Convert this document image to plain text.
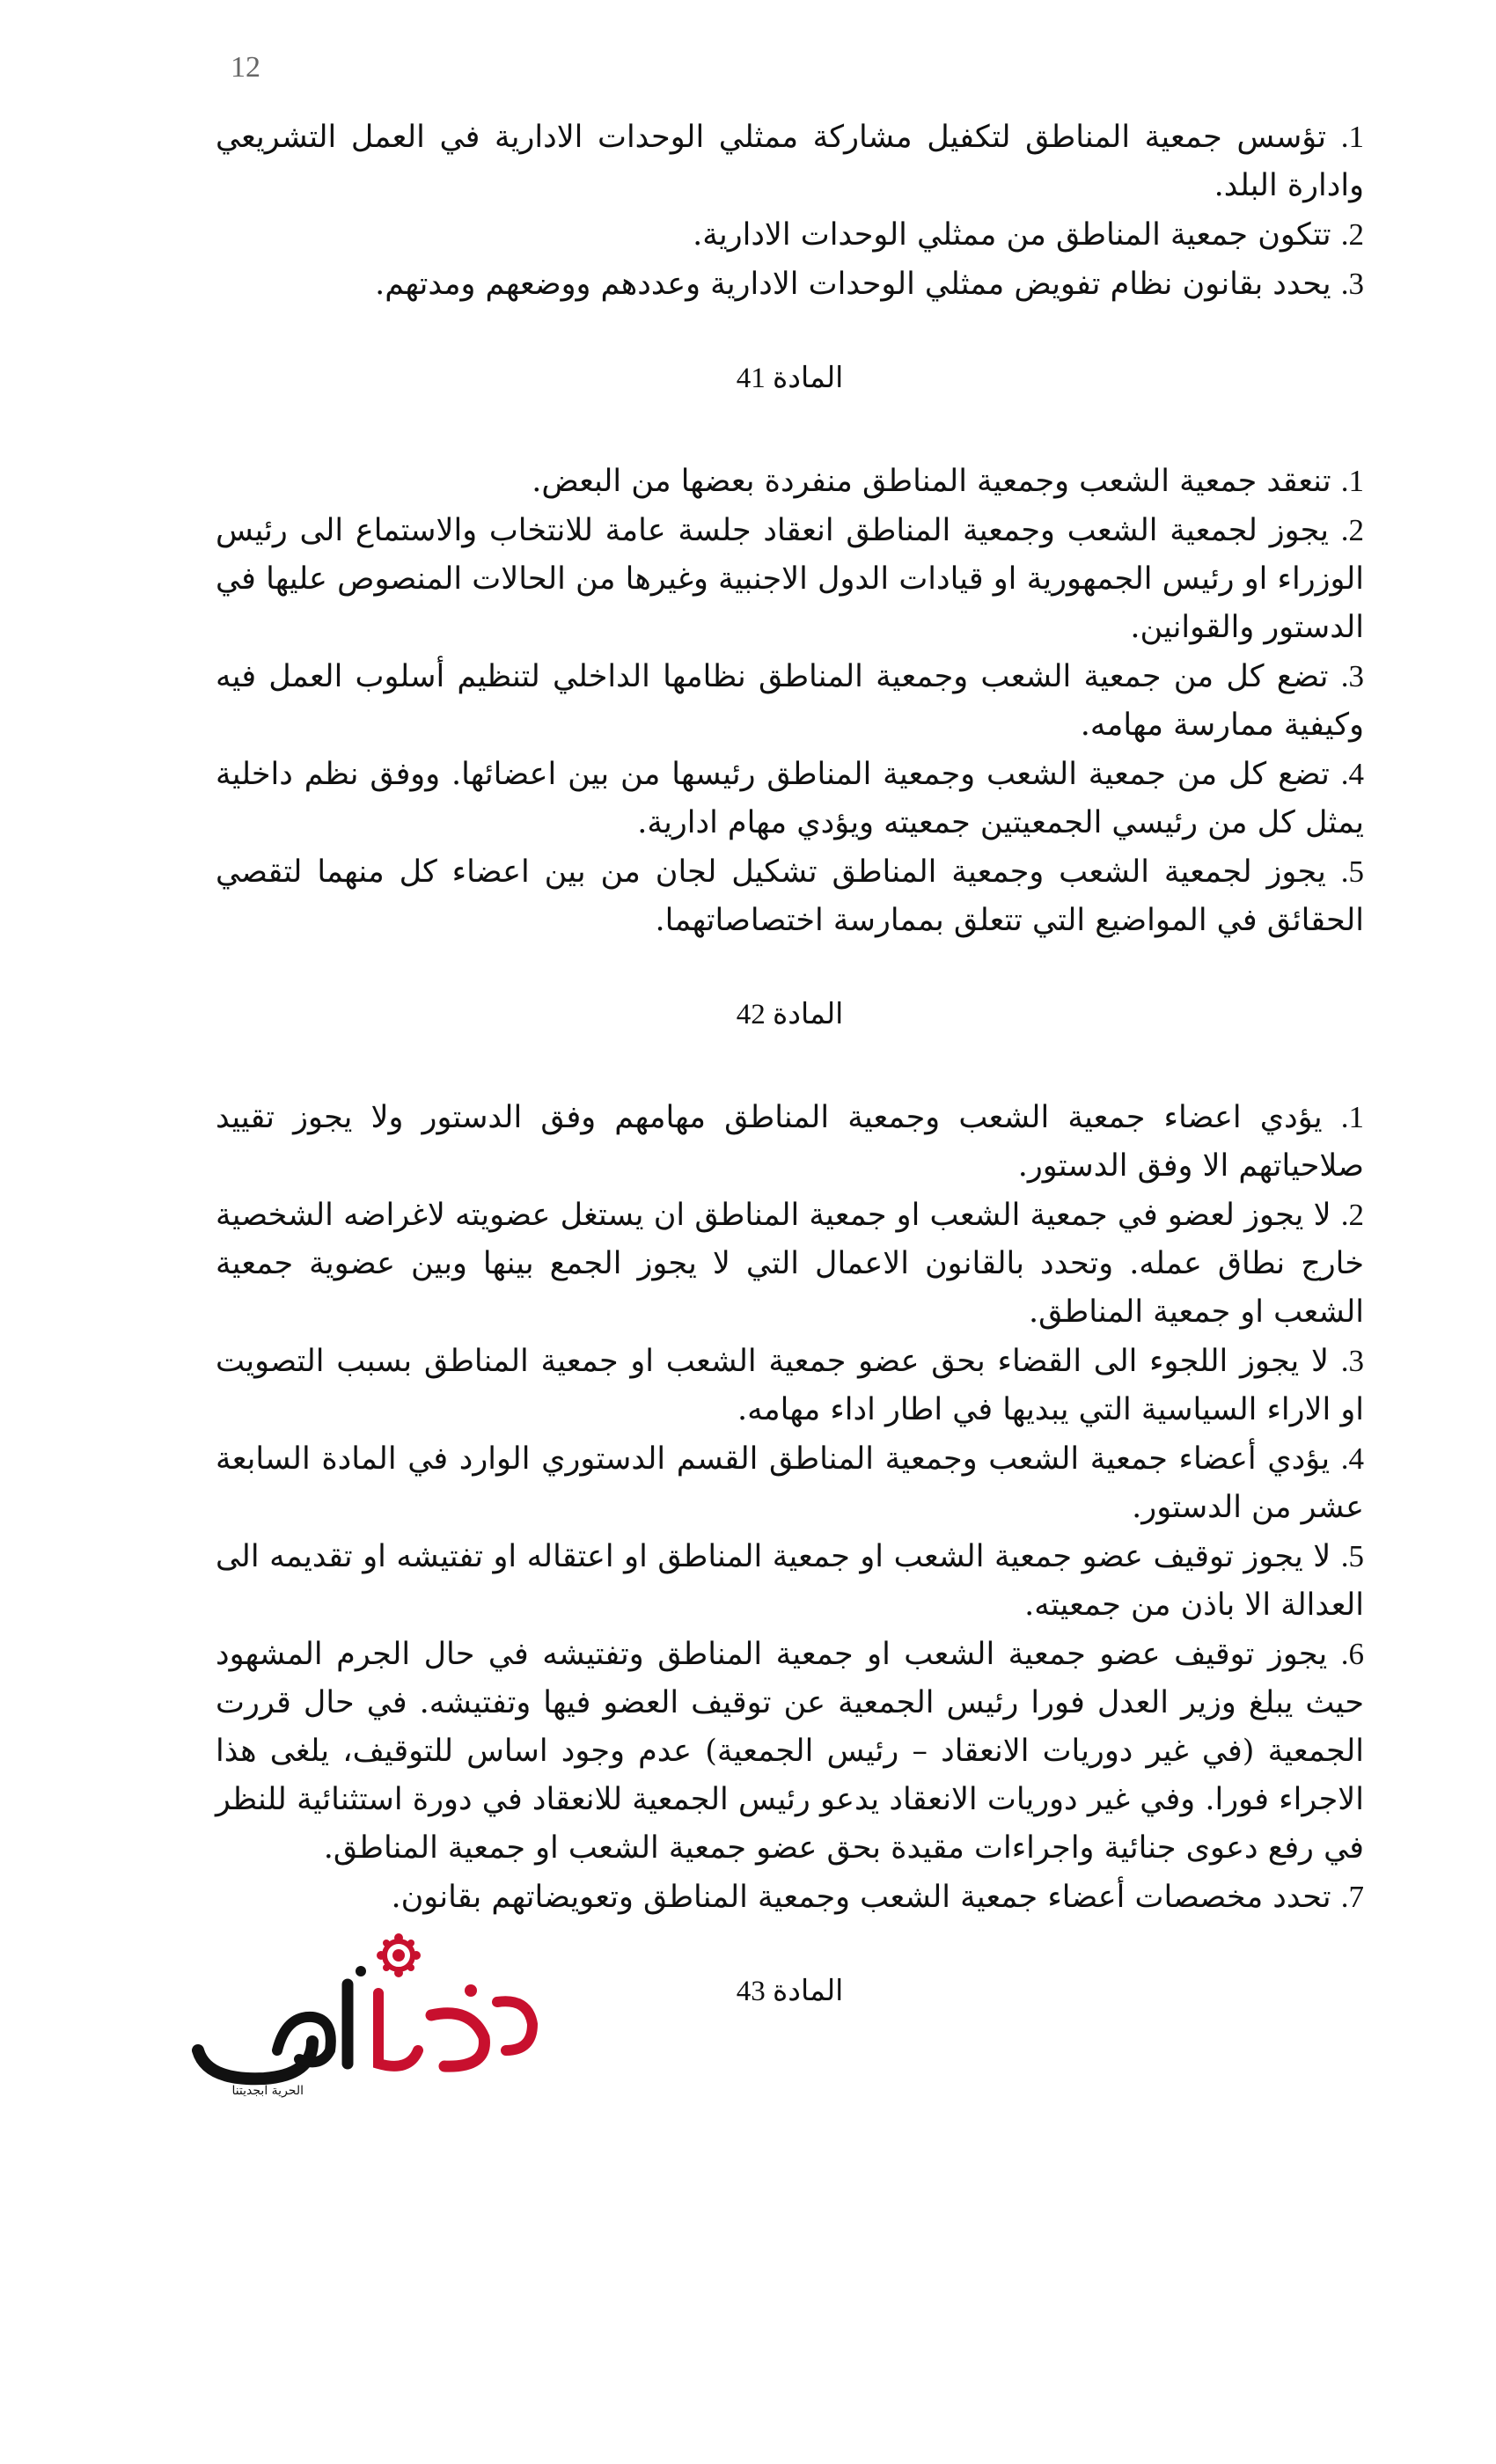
12

1. تؤسس جمعية المناطق لتكفيل مشاركة ممثلي الوحدات الادارية في العمل التشريعي وادارة البلد.

2. تتكون جمعية المناطق من ممثلي الوحدات الادارية.

3. يحدد بقانون نظام تفويض ممثلي الوحدات الادارية وعددهم ووضعهم ومدتهم.

المادة 41

1. تنعقد جمعية الشعب وجمعية المناطق منفردة بعضها من البعض.

2. يجوز لجمعية الشعب وجمعية المناطق انعقاد جلسة عامة للانتخاب والاستماع الى رئيس الوزراء او رئيس الجمهورية او قيادات الدول الاجنبية وغيرها من الحالات المنصوص عليها في الدستور والقوانين.

3. تضع كل من جمعية الشعب وجمعية المناطق نظامها الداخلي لتنظيم أسلوب العمل فيه وكيفية ممارسة مهامه.

4. تضع كل من جمعية الشعب وجمعية المناطق رئيسها من بين اعضائها. ووفق نظم داخلية يمثل كل من رئيسي الجمعيتين جمعيته ويؤدي مهام ادارية.

5. يجوز لجمعية الشعب وجمعية المناطق تشكيل لجان من بين اعضاء كل منهما لتقصي الحقائق في المواضيع التي تتعلق بممارسة اختصاصاتهما.

المادة 42

1. يؤدي اعضاء جمعية الشعب وجمعية المناطق مهامهم وفق الدستور ولا يجوز تقييد صلاحياتهم الا وفق الدستور.

2. لا يجوز لعضو في جمعية الشعب او جمعية المناطق ان يستغل عضويته لاغراضه الشخصية خارج نطاق عمله. وتحدد بالقانون الاعمال التي لا يجوز الجمع بينها وبين عضوية جمعية الشعب او جمعية المناطق.

3. لا يجوز اللجوء الى القضاء بحق عضو جمعية الشعب او جمعية المناطق بسبب التصويت او الاراء السياسية التي يبديها في اطار اداء مهامه.

4. يؤدي أعضاء جمعية الشعب وجمعية المناطق القسم الدستوري الوارد في المادة السابعة عشر من الدستور.

5. لا يجوز توقيف عضو جمعية الشعب او جمعية المناطق او اعتقاله او تفتيشه او تقديمه الى العدالة الا باذن من جمعيته.

6. يجوز توقيف عضو جمعية الشعب او جمعية المناطق وتفتيشه في حال الجرم المشهود حيث يبلغ وزير العدل فورا رئيس الجمعية عن توقيف العضو فيها وتفتيشه. في حال قررت الجمعية (في غير دوريات الانعقاد – رئيس الجمعية) عدم وجود اساس للتوقيف، يلغى هذا الاجراء فورا. وفي غير دوريات الانعقاد يدعو رئيس الجمعية للانعقاد في دورة استثنائية للنظر في رفع دعوى جنائية واجراءات مقيدة بحق عضو جمعية الشعب او جمعية المناطق.

7. تحدد مخصصات أعضاء جمعية الشعب وجمعية المناطق وتعويضاتهم بقانون.

المادة 43
الحرية ابجديتنا
